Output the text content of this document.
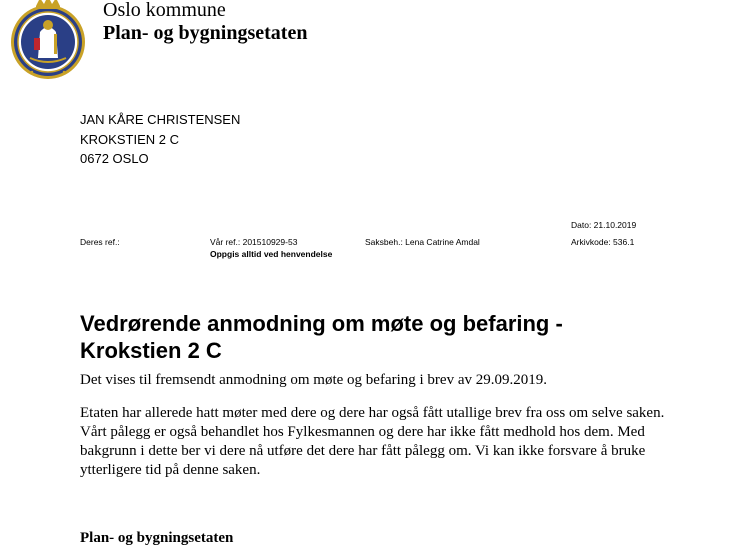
Oslo kommune
Plan- og bygningsetaten
JAN KÅRE CHRISTENSEN
KROKSTIEN 2 C
0672 OSLO
Dato: 21.10.2019
Deres ref.:	Vår ref.: 201510929-53
Oppgis alltid ved henvendelse
Saksbeh.: Lena Catrine Amdal	Arkivkode: 536.1
Vedrørende anmodning om møte og befaring -
Krokstien 2 C
Det vises til fremsendt anmodning om møte og befaring i brev av 29.09.2019.
Etaten har allerede hatt møter med dere og dere har også fått utallige brev fra oss om selve saken.
Vårt pålegg er også behandlet hos Fylkesmannen og dere har ikke fått medhold hos dem. Med
bakgrunn i dette ber vi dere nå utføre det dere har fått pålegg om. Vi kan ikke forsvare å bruke
ytterligere tid på denne saken.
Plan- og bygningsetaten
